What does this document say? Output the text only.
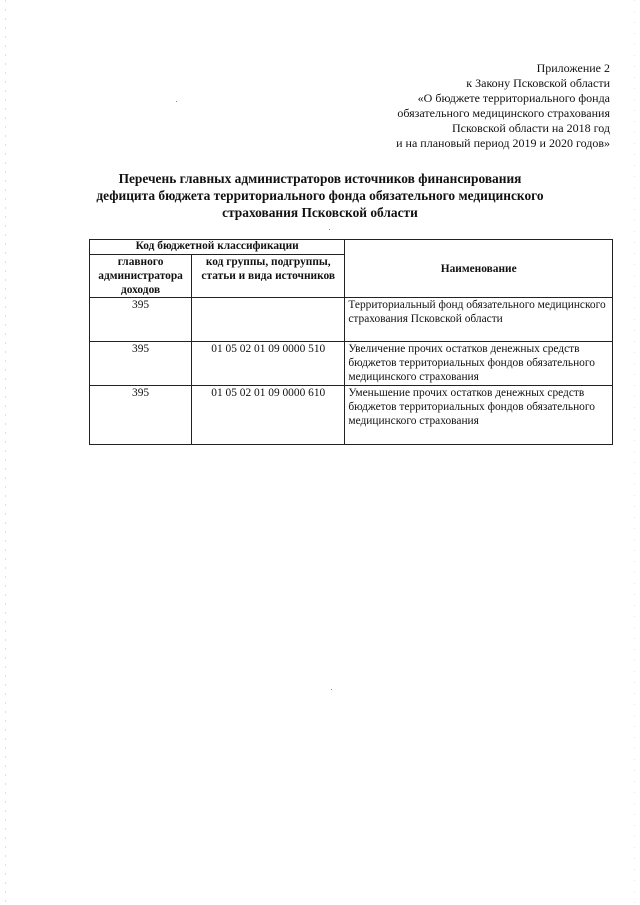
Приложение 2
к Закону Псковской области
«О бюджете территориального фонда
обязательного медицинского страхования
Псковской области на 2018 год
и на плановый период 2019 и 2020 годов»
Перечень главных администраторов источников финансирования
дефицита бюджета территориального фонда обязательного медицинского
страхования Псковской области
Код бюджетной классификации		Наименование
главного администратора доходов	код группы, подгруппы, статьи и вида источников	
395		Территориальный фонд обязательного медицинского страхования Псковской области
395	01 05 02 01 09 0000 510	Увеличение прочих остатков денежных средств бюджетов территориальных фондов обязательного медицинского страхования
395	01 05 02 01 09 0000 610	Уменьшение прочих остатков денежных средств бюджетов территориальных фондов обязательного медицинского страхования
